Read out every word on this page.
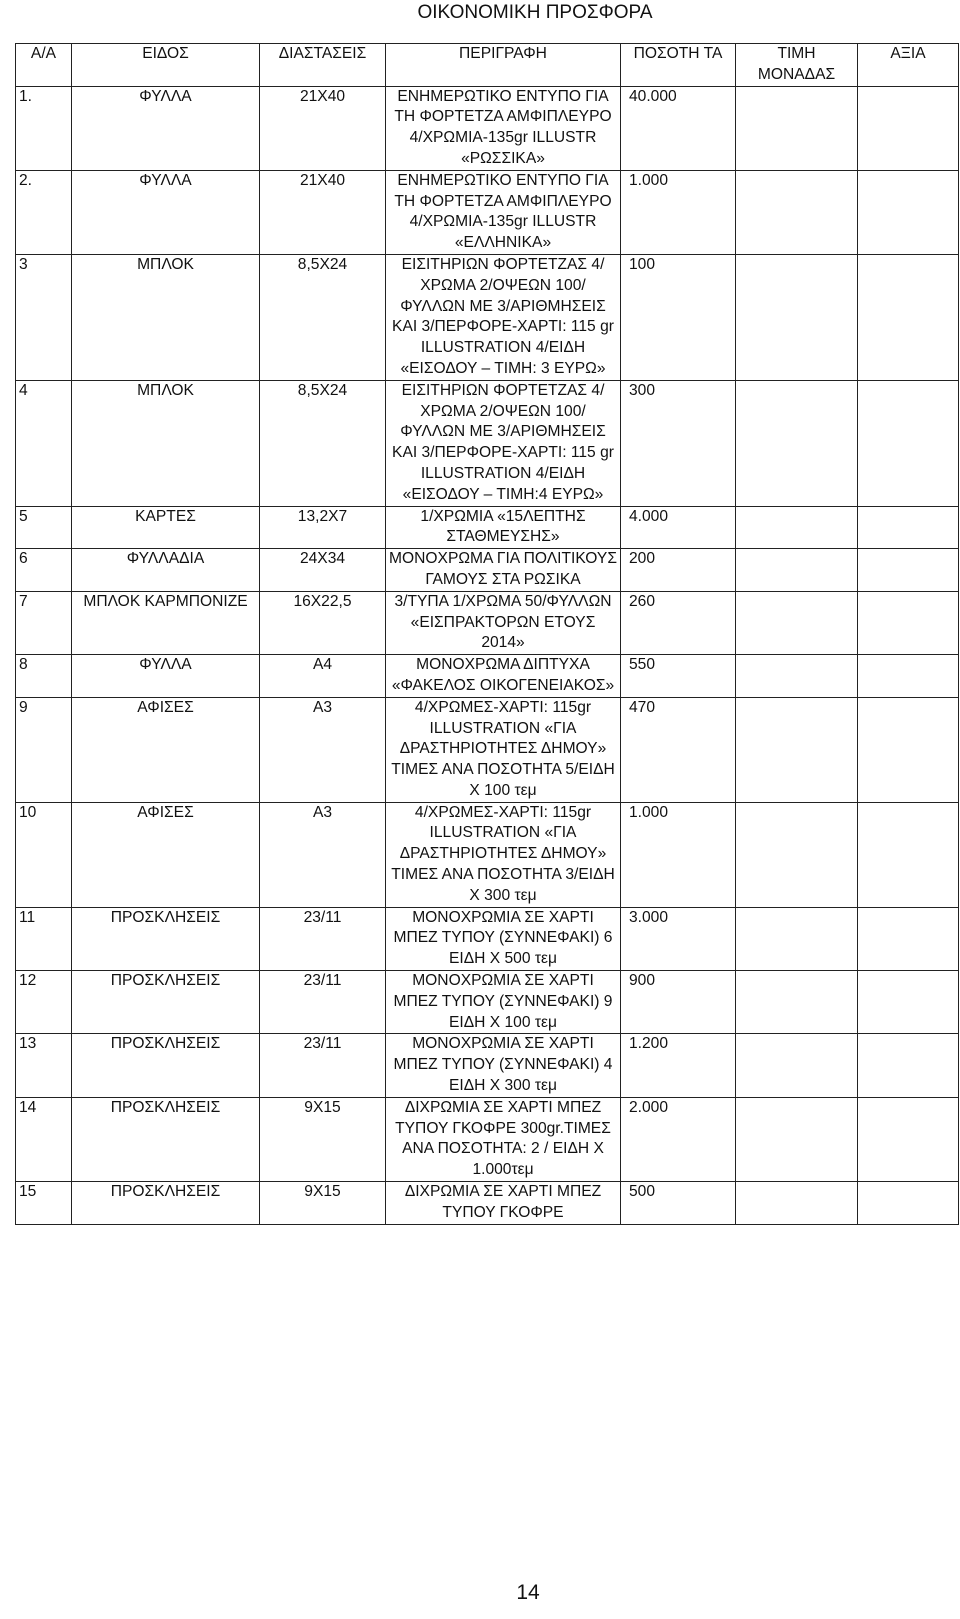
ΟΙΚΟΝΟΜΙΚΗ ΠΡΟΣΦΟΡΑ
Α/Α	ΕΙΔΟΣ	ΔΙΑΣΤΑΣΕΙΣ	ΠΕΡΙΓΡΑΦΗ	ΠΟΣΟΤΗ ΤΑ	ΤΙΜΗ ΜΟΝΑΔΑΣ	ΑΞΙΑ
1.	ΦΥΛΛΑ	21Χ40	ΕΝΗΜΕΡΩΤΙΚΟ ΕΝΤΥΠΟ ΓΙΑ ΤΗ ΦΟΡΤΕΤΖΑ ΑΜΦΙΠΛΕΥΡΟ 4/ΧΡΩΜΙΑ-135gr ILLUSTR «ΡΩΣΣΙΚΑ»	40.000		
2.	ΦΥΛΛΑ	21Χ40	ΕΝΗΜΕΡΩΤΙΚΟ ΕΝΤΥΠΟ ΓΙΑ ΤΗ ΦΟΡΤΕΤΖΑ ΑΜΦΙΠΛΕΥΡΟ 4/ΧΡΩΜΙΑ-135gr ILLUSTR «ΕΛΛΗΝΙΚΑ»	1.000		
3	ΜΠΛΟΚ	8,5Χ24	ΕΙΣΙΤΗΡΙΩΝ ΦΟΡΤΕΤΖΑΣ 4/ΧΡΩΜΑ 2/ΟΨΕΩΝ 100/ΦΥΛΛΩΝ ΜΕ 3/ΑΡΙΘΜΗΣΕΙΣ ΚΑΙ 3/ΠΕΡΦΟΡΕ-ΧΑΡΤΙ: 115 gr ILLUSTRATION 4/ΕΙΔΗ «ΕΙΣΟΔΟΥ – ΤΙΜΗ: 3 ΕΥΡΩ»	100		
4	ΜΠΛΟΚ	8,5Χ24	ΕΙΣΙΤΗΡΙΩΝ ΦΟΡΤΕΤΖΑΣ 4/ΧΡΩΜΑ 2/ΟΨΕΩΝ 100/ΦΥΛΛΩΝ ΜΕ 3/ΑΡΙΘΜΗΣΕΙΣ ΚΑΙ 3/ΠΕΡΦΟΡΕ-ΧΑΡΤΙ: 115 gr ILLUSTRATION 4/ΕΙΔΗ «ΕΙΣΟΔΟΥ – ΤΙΜΗ:4 ΕΥΡΩ»	300		
5	ΚΑΡΤΕΣ	13,2Χ7	1/ΧΡΩΜΙΑ «15ΛΕΠΤΗΣ ΣΤΑΘΜΕΥΣΗΣ»	4.000		
6	ΦΥΛΛΑΔΙΑ	24Χ34	ΜΟΝΟΧΡΩΜΑ ΓΙΑ ΠΟΛΙΤΙΚΟΥΣ ΓΑΜΟΥΣ ΣΤΑ ΡΩΣΙΚΑ	200		
7	ΜΠΛΟΚ ΚΑΡΜΠΟΝΙΖΕ	16Χ22,5	3/ΤΥΠΑ 1/ΧΡΩΜΑ 50/ΦΥΛΛΩΝ «ΕΙΣΠΡΑΚΤΟΡΩΝ ΕΤΟΥΣ 2014»	260		
8	ΦΥΛΛΑ	Α4	ΜΟΝΟΧΡΩΜΑ ΔΙΠΤΥΧΑ «ΦΑΚΕΛΟΣ ΟΙΚΟΓΕΝΕΙΑΚΟΣ»	550		
9	ΑΦΙΣΕΣ	Α3	4/ΧΡΩΜΕΣ-ΧΑΡΤΙ: 115gr ILLUSTRATION «ΓΙΑ ΔΡΑΣΤΗΡΙΟΤΗΤΕΣ ΔΗΜΟΥ» ΤΙΜΕΣ ΑΝΑ ΠΟΣΟΤΗΤΑ 5/ΕΙΔΗ Χ 100 τεμ	470		
10	ΑΦΙΣΕΣ	Α3	4/ΧΡΩΜΕΣ-ΧΑΡΤΙ: 115gr ILLUSTRATION «ΓΙΑ ΔΡΑΣΤΗΡΙΟΤΗΤΕΣ ΔΗΜΟΥ» ΤΙΜΕΣ ΑΝΑ ΠΟΣΟΤΗΤΑ 3/ΕΙΔΗ Χ 300 τεμ	1.000		
11	ΠΡΟΣΚΛΗΣΕΙΣ	23/11	ΜΟΝΟΧΡΩΜΙΑ ΣΕ ΧΑΡΤΙ ΜΠΕΖ ΤΥΠΟΥ (ΣΥΝΝΕΦΑΚΙ) 6 ΕΙΔΗ Χ 500 τεμ	3.000		
12	ΠΡΟΣΚΛΗΣΕΙΣ	23/11	ΜΟΝΟΧΡΩΜΙΑ ΣΕ ΧΑΡΤΙ ΜΠΕΖ ΤΥΠΟΥ (ΣΥΝΝΕΦΑΚΙ) 9 ΕΙΔΗ Χ 100 τεμ	900		
13	ΠΡΟΣΚΛΗΣΕΙΣ	23/11	ΜΟΝΟΧΡΩΜΙΑ ΣΕ ΧΑΡΤΙ ΜΠΕΖ ΤΥΠΟΥ (ΣΥΝΝΕΦΑΚΙ) 4 ΕΙΔΗ Χ 300 τεμ	1.200		
14	ΠΡΟΣΚΛΗΣΕΙΣ	9Χ15	ΔΙΧΡΩΜΙΑ ΣΕ ΧΑΡΤΙ ΜΠΕΖ ΤΥΠΟΥ ΓΚΟΦΡΕ 300gr.ΤΙΜΕΣ ΑΝΑ ΠΟΣΟΤΗΤΑ: 2 / ΕΙΔΗ Χ 1.000τεμ	2.000		
15	ΠΡΟΣΚΛΗΣΕΙΣ	9Χ15	ΔΙΧΡΩΜΙΑ ΣΕ ΧΑΡΤΙ ΜΠΕΖ ΤΥΠΟΥ ΓΚΟΦΡΕ	500		
14
